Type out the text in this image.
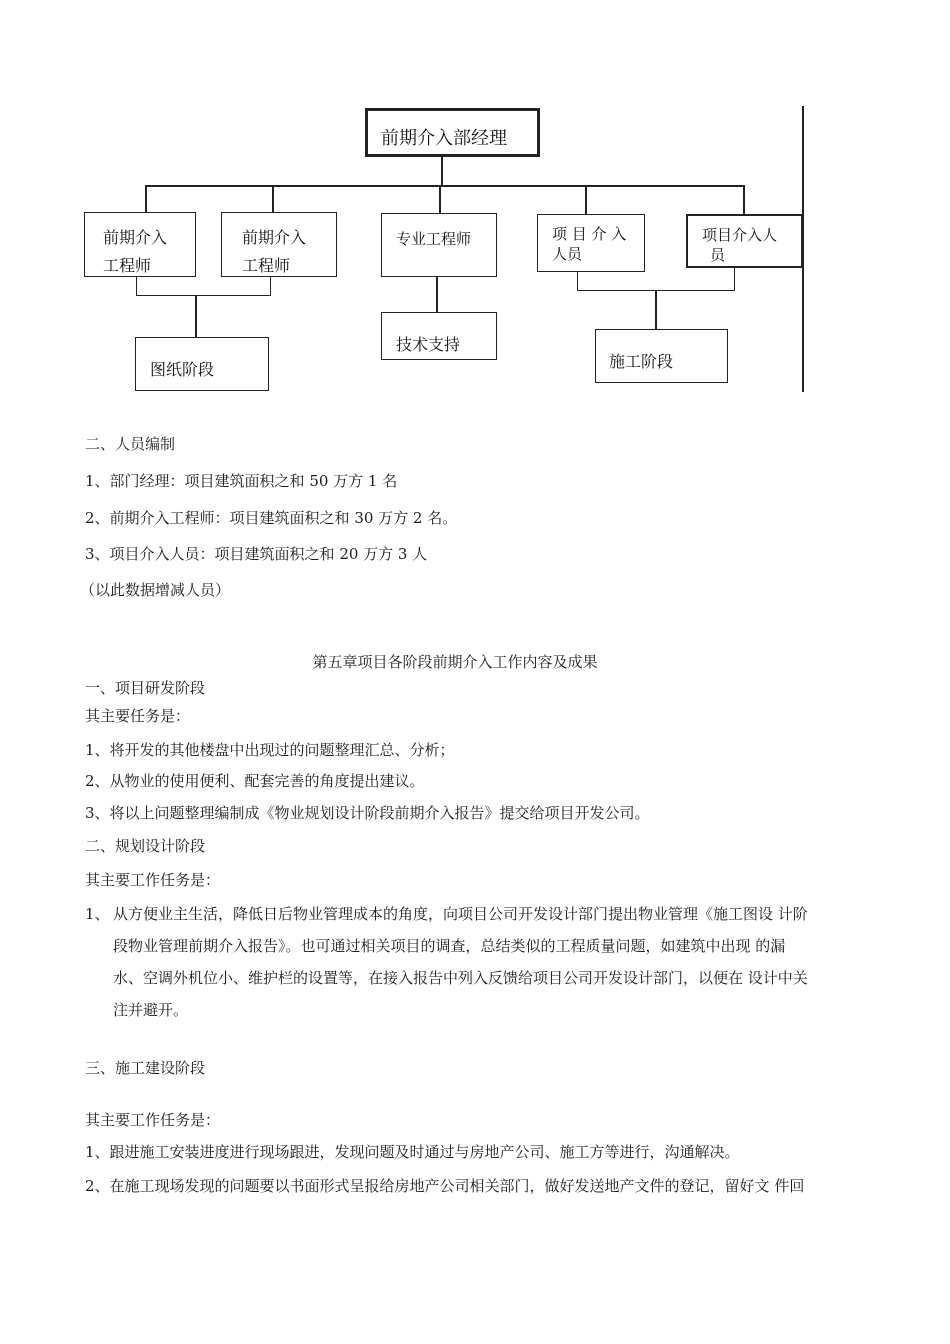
前期介入部经理
前期介入
工程师
前期介入
工程师
专业工程师	项 目 介 入
人员
项目介入人
员
图纸阶段
技术支持
施工阶段
二、人员编制
1、部门经理：项目建筑面积之和 50 万方 1 名
2、前期介入工程师：项目建筑面积之和 30 万方 2 名。
3、项目介入人员：项目建筑面积之和 20 万方 3 人
（以此数据增减人员）
第五章项目各阶段前期介入工作内容及成果
一、项目研发阶段
其主要任务是：
1、将开发的其他楼盘中出现过的问题整理汇总、分析；
2、从物业的使用便利、配套完善的角度提出建议。
3、将以上问题整理编制成《物业规划设计阶段前期介入报告》提交给项目开发公司。
二、规划设计阶段
其主要工作任务是：
1、 从方便业主生活，降低日后物业管理成本的角度，向项目公司开发设计部门提出物业管理《施工图设 计阶
段物业管理前期介入报告》。也可通过相关项目的调查，总结类似的工程质量问题，如建筑中出现 的漏
水、空调外机位小、维护栏的设置等，在接入报告中列入反馈给项目公司开发设计部门，以便在 设计中关
注并避开。
三、施工建设阶段
其主要工作任务是：
1、跟进施工安装进度进行现场跟进，发现问题及时通过与房地产公司、施工方等进行，沟通解决。
2、在施工现场发现的问题要以书面形式呈报给房地产公司相关部门，做好发送地产文件的登记，留好文 件回
